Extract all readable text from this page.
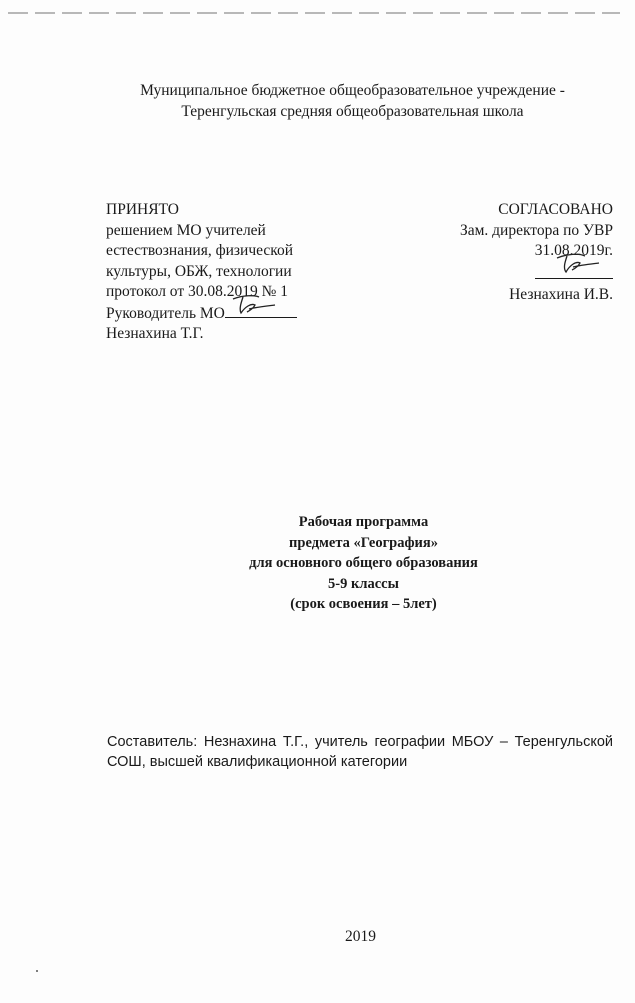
Муниципальное бюджетное общеобразовательное учреждение -
Теренгульская средняя общеобразовательная школа
ПРИНЯТО
решением МО учителей
естествознания, физической
культуры, ОБЖ, технологии
протокол от 30.08.2019 № 1
Руководитель МО
Незнахина Т.Г.
СОГЛАСОВАНО
Зам. директора по УВР
31.08.2019г.
Незнахина И.В.
Рабочая программа
предмета «География»
для основного общего образования
5-9 классы
(срок освоения – 5лет)
Составитель: Незнахина Т.Г., учитель географии МБОУ – Теренгульской СОШ, высшей квалификационной категории
2019
